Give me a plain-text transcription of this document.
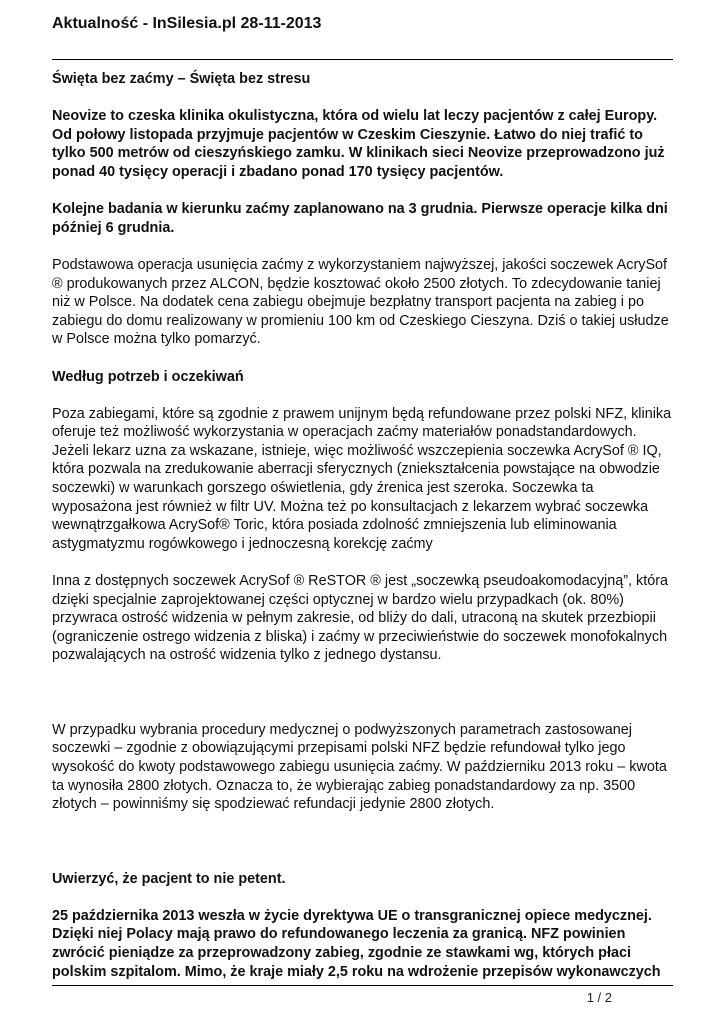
Aktualność - InSilesia.pl 28-11-2013

Święta bez zaćmy – Święta bez stresu

Neovize to czeska klinika okulistyczna, która od wielu lat leczy pacjentów z całej Europy. Od połowy listopada przyjmuje pacjentów w Czeskim Cieszynie. Łatwo do niej trafić to tylko 500 metrów od cieszyńskiego zamku. W klinikach sieci Neovize przeprowadzono już ponad 40 tysięcy operacji i zbadano ponad 170 tysięcy pacjentów.

Kolejne badania w kierunku zaćmy zaplanowano na 3 grudnia. Pierwsze operacje kilka dni później 6 grudnia.

Podstawowa operacja usunięcia zaćmy z wykorzystaniem najwyższej, jakości soczewek AcrySof ® produkowanych przez ALCON, będzie kosztować około 2500 złotych. To zdecydowanie taniej niż w Polsce. Na dodatek cena zabiegu obejmuje bezpłatny transport pacjenta na zabieg i po zabiegu do domu realizowany w promieniu 100 km od Czeskiego Cieszyna. Dziś o takiej usłudze w Polsce można tylko pomarzyć.

Według potrzeb i oczekiwań

Poza zabiegami, które są zgodnie z prawem unijnym będą refundowane przez polski NFZ, klinika oferuje też możliwość wykorzystania w operacjach zaćmy materiałów ponadstandardowych. Jeżeli lekarz uzna za wskazane, istnieje, więc możliwość wszczepienia soczewka AcrySof ® IQ, która pozwala na zredukowanie aberracji sferycznych (zniekształcenia powstające na obwodzie soczewki) w warunkach gorszego oświetlenia, gdy źrenica jest szeroka. Soczewka ta wyposażona jest również w filtr UV. Można też po konsultacjach z lekarzem wybrać soczewka wewnątrzgałkowa AcrySof® Toric, która posiada zdolność zmniejszenia lub eliminowania astygmatyzmu rogówkowego i jednoczesną korekcję zaćmy

Inna z dostępnych soczewek AcrySof ® ReSTOR ® jest „soczewką pseudoakomodacyjną”, która dzięki specjalnie zaprojektowanej części optycznej w bardzo wielu przypadkach (ok. 80%) przywraca ostrość widzenia w pełnym zakresie, od bliży do dali, utraconą na skutek przezbiopii (ograniczenie ostrego widzenia z bliska) i zaćmy w przeciwieństwie do soczewek monofokalnych pozwalających na ostrość widzenia tylko z jednego dystansu.

W przypadku wybrania procedury medycznej o podwyższonych parametrach zastosowanej soczewki – zgodnie z obowiązującymi przepisami polski NFZ będzie refundował tylko jego wysokość do kwoty podstawowego zabiegu usunięcia zaćmy. W październiku 2013 roku – kwota ta wynosiła 2800 złotych. Oznacza to, że wybierając zabieg ponadstandardowy za np. 3500 złotych – powinniśmy się spodziewać refundacji jedynie 2800 złotych.

Uwierzyć, że pacjent to nie petent.

25 października 2013 weszła w życie dyrektywa UE o transgranicznej opiece medycznej. Dzięki niej Polacy mają prawo do refundowanego leczenia za granicą. NFZ powinien zwrócić pieniądze za przeprowadzony zabieg, zgodnie ze stawkami wg, których płaci polskim szpitalom. Mimo, że kraje miały 2,5 roku na wdrożenie przepisów wykonawczych

1 / 2
